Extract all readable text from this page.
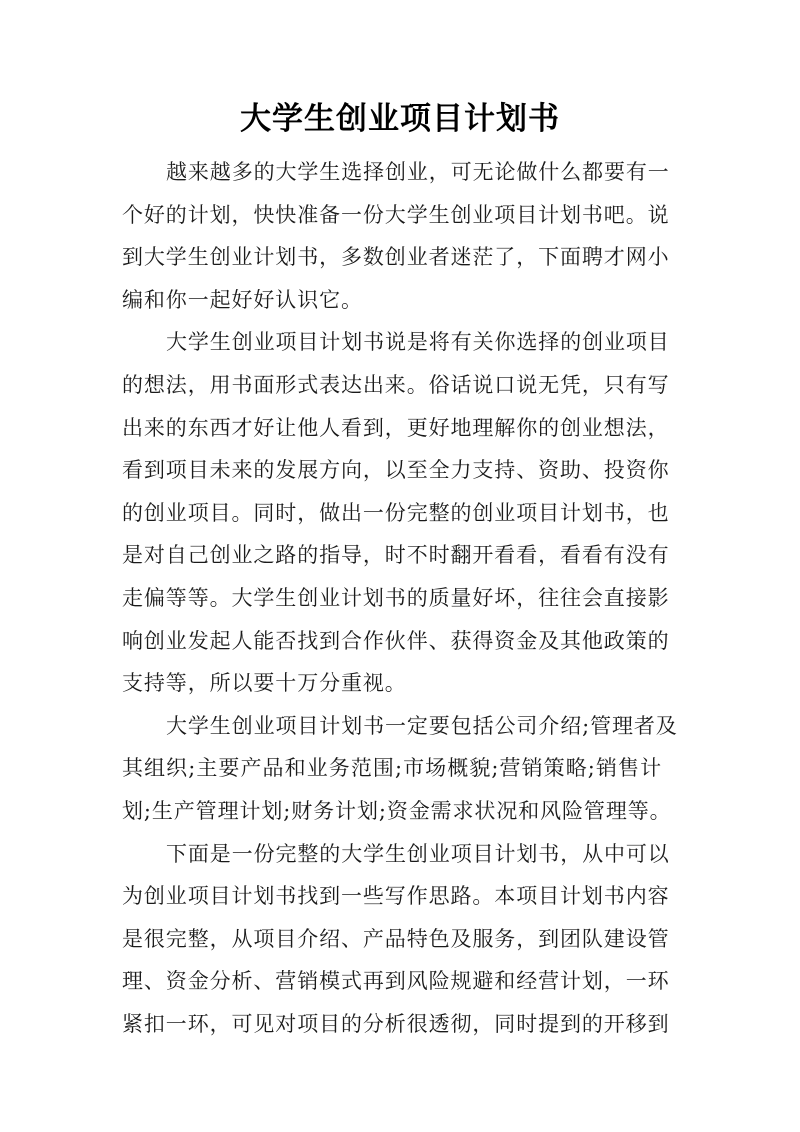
大学生创业项目计划书

越来越多的大学生选择创业，可无论做什么都要有一
个好的计划，快快准备一份大学生创业项目计划书吧。说
到大学生创业计划书，多数创业者迷茫了，下面聘才网小
编和你一起好好认识它。

大学生创业项目计划书说是将有关你选择的创业项目
的想法，用书面形式表达出来。俗话说口说无凭，只有写
出来的东西才好让他人看到，更好地理解你的创业想法，
看到项目未来的发展方向，以至全力支持、资助、投资你
的创业项目。同时，做出一份完整的创业项目计划书，也
是对自己创业之路的指导，时不时翻开看看，看看有没有
走偏等等。大学生创业计划书的质量好坏，往往会直接影
响创业发起人能否找到合作伙伴、获得资金及其他政策的
支持等，所以要十万分重视。

大学生创业项目计划书一定要包括公司介绍;管理者及
其组织;主要产品和业务范围;市场概貌;营销策略;销售计
划;生产管理计划;财务计划;资金需求状况和风险管理等。

下面是一份完整的大学生创业项目计划书，从中可以
为创业项目计划书找到一些写作思路。本项目计划书内容
是很完整，从项目介绍、产品特色及服务，到团队建设管
理、资金分析、营销模式再到风险规避和经营计划，一环
紧扣一环，可见对项目的分析很透彻，同时提到的开移到
